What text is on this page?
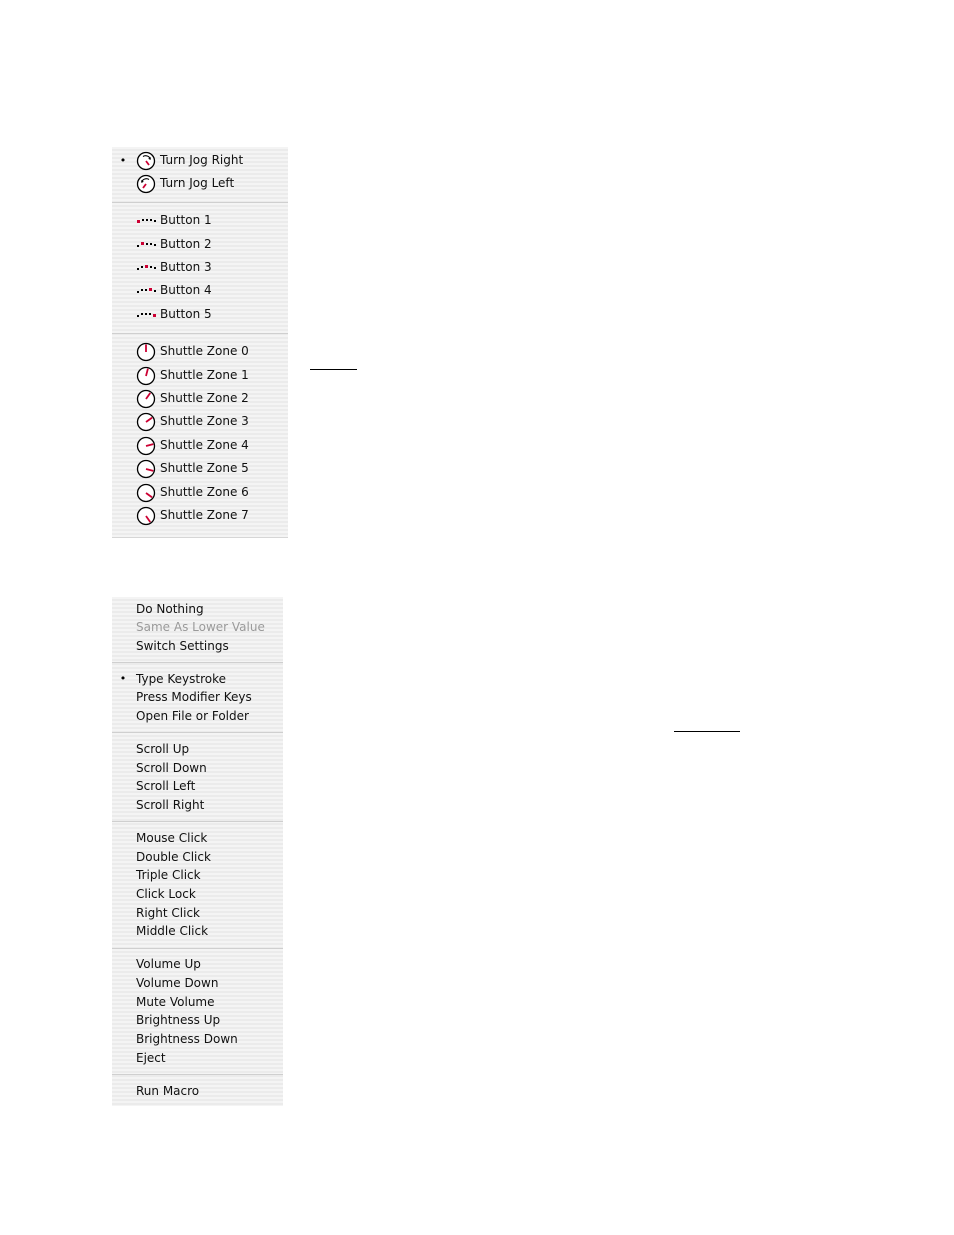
•	Turn Jog Right
Turn Jog Left
Button 1
Button 2
Button 3
Button 4
Button 5
Shuttle Zone 0
Shuttle Zone 1
Shuttle Zone 2
Shuttle Zone 3
Shuttle Zone 4
Shuttle Zone 5
Shuttle Zone 6
Shuttle Zone 7
Do Nothing
Same As Lower Value
Switch Settings
• Type Keystroke
Press Modifier Keys
Open File or Folder
Scroll Up
Scroll Down
Scroll Left
Scroll Right
Mouse Click
Double Click
Triple Click
Click Lock
Right Click
Middle Click
Volume Up
Volume Down
Mute Volume
Brightness Up
Brightness Down
Eject
Run Macro
